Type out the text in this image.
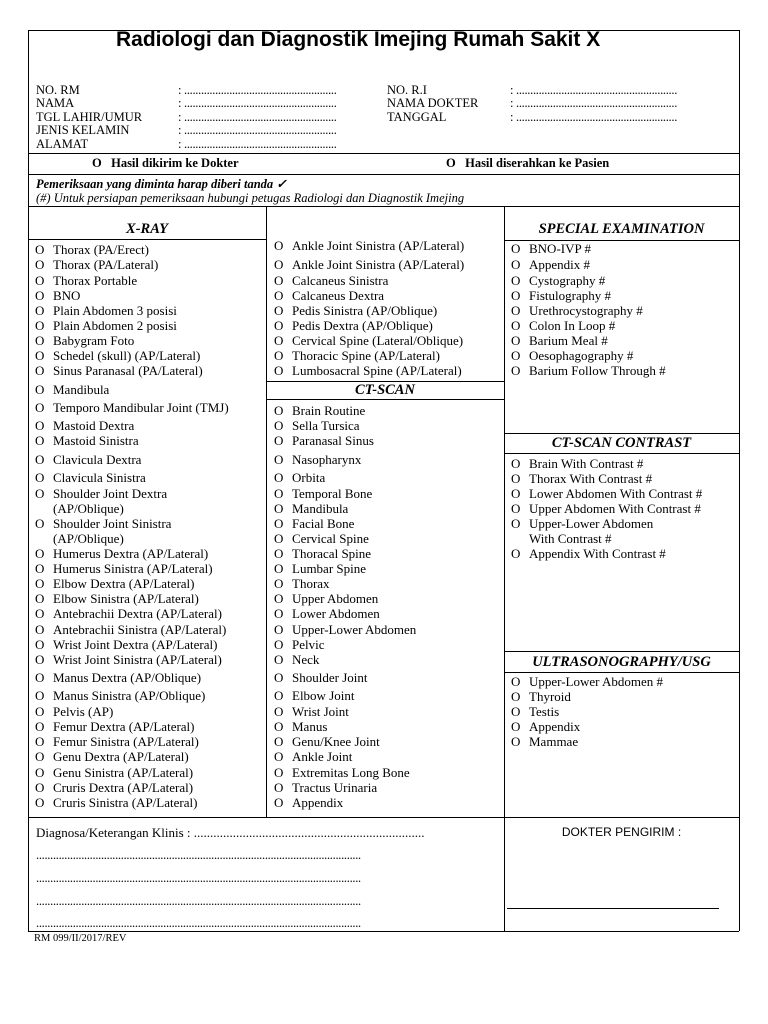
Radiologi dan Diagnostik Imejing Rumah Sakit X
NO. RM	: ......................................................
NAMA	: ......................................................
TGL LAHIR/UMUR	: ......................................................
JENIS KELAMIN	: ......................................................
ALAMAT	: ......................................................
NO. R.I	: .........................................................
NAMA DOKTER	: .........................................................
TANGGAL	: .........................................................
O   Hasil dikirim ke Dokter	O   Hasil diserahkan ke Pasien
Pemeriksaan yang diminta harap diberi tanda ✓
(#) Untuk persiapan pemeriksaan hubungi petugas Radiologi dan Diagnostik Imejing
X-RAY	SPECIAL EXAMINATION
CT-SCAN
CT-SCAN CONTRAST
ULTRASONOGRAPHY/USG
O Thorax (PA/Erect)
O Thorax (PA/Lateral)
O Thorax Portable
O BNO
O Plain Abdomen 3 posisi
O Plain Abdomen 2 posisi
O Babygram Foto
O Schedel (skull) (AP/Lateral)
O Sinus Paranasal (PA/Lateral)
O Mandibula
O Temporo Mandibular Joint (TMJ)
O Mastoid Dextra
O Mastoid Sinistra
O Clavicula Dextra
O Clavicula Sinistra
O Shoulder Joint Dextra
(AP/Oblique)
O Shoulder Joint Sinistra
(AP/Oblique)
O Humerus Dextra (AP/Lateral)
O Humerus Sinistra (AP/Lateral)
O Elbow Dextra (AP/Lateral)
O Elbow Sinistra (AP/Lateral)
O Antebrachii Dextra (AP/Lateral)
O Antebrachii Sinistra (AP/Lateral)
O Wrist Joint Dextra (AP/Lateral)
O Wrist Joint Sinistra (AP/Lateral)
O Manus Dextra (AP/Oblique)
O Manus Sinistra (AP/Oblique)
O Pelvis (AP)
O Femur Dextra (AP/Lateral)
O Femur Sinistra (AP/Lateral)
O Genu Dextra (AP/Lateral)
O Genu Sinistra (AP/Lateral)
O Cruris Dextra (AP/Lateral)
O Cruris Sinistra (AP/Lateral)
O Ankle Joint Sinistra (AP/Lateral)
O Ankle Joint Sinistra (AP/Lateral)
O Calcaneus Sinistra
O Calcaneus Dextra
O Pedis Sinistra (AP/Oblique)
O Pedis Dextra (AP/Oblique)
O Cervical Spine (Lateral/Oblique)
O Thoracic Spine (AP/Lateral)
O Lumbosacral Spine (AP/Lateral)
O Brain Routine
O Sella Tursica
O Paranasal Sinus
O Nasopharynx
O Orbita
O Temporal Bone
O Mandibula
O Facial Bone
O Cervical Spine
O Thoracal Spine
O Lumbar Spine
O Thorax
O Upper Abdomen
O Lower Abdomen
O Upper-Lower Abdomen
O Pelvic
O Neck
O Shoulder Joint
O Elbow Joint
O Wrist Joint
O Manus
O Genu/Knee Joint
O Ankle Joint
O Extremitas Long Bone
O Tractus Urinaria
O Appendix
O BNO-IVP #
O Appendix #
O Cystography #
O Fistulography #
O Urethrocystography #
O Colon In Loop #
O Barium Meal #
O Oesophagography #
O Barium Follow Through #
O Brain With Contrast #
O Thorax With Contrast #
O Lower Abdomen With Contrast #
O Upper Abdomen With Contrast #
O Upper-Lower Abdomen
With Contrast #
O Appendix With Contrast #
O Upper-Lower Abdomen #
O Thyroid
O Testis
O Appendix
O Mammae
Diagnosa/Keterangan Klinis : .......................................................................
...................................................................................................................
...................................................................................................................
...................................................................................................................
...................................................................................................................
DOKTER PENGIRIM :
RM 099/II/2017/REV
